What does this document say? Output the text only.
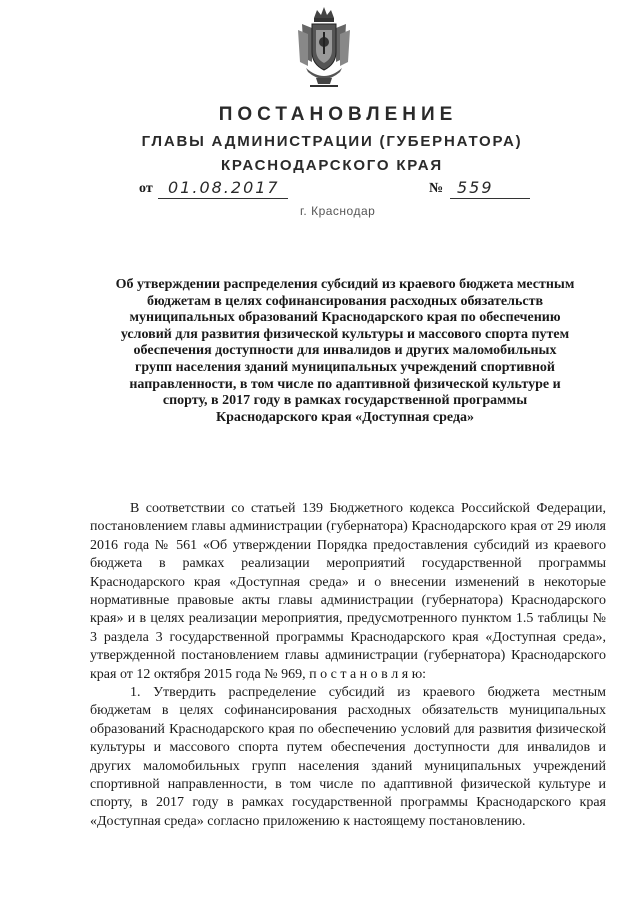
ПОСТАНОВЛЕНИЕ
ГЛАВЫ АДМИНИСТРАЦИИ (ГУБЕРНАТОРА)
КРАСНОДАРСКОГО КРАЯ
от 01.08.2017	№ 559
г. Краснодар
Об утверждении распределения субсидий из краевого бюджета местным бюджетам в целях софинансирования расходных обязательств муниципальных образований Краснодарского края по обеспечению условий для развития физической культуры и массового спорта путем обеспечения доступности для инвалидов и других маломобильных групп населения зданий муниципальных учреждений спортивной направленности, в том числе по адаптивной физической культуре и спорту, в 2017 году в рамках государственной программы Краснодарского края «Доступная среда»
В соответствии со статьей 139 Бюджетного кодекса Российской Федерации, постановлением главы администрации (губернатора) Краснодарского края от 29 июля 2016 года № 561 «Об утверждении Порядка предоставления субсидий из краевого бюджета в рамках реализации мероприятий государственной программы Краснодарского края «Доступная среда» и о внесении изменений в некоторые нормативные правовые акты главы администрации (губернатора) Краснодарского края» и в целях реализации мероприятия, предусмотренного пунктом 1.5 таблицы № 3 раздела 3 государственной программы Краснодарского края «Доступная среда», утвержденной постановлением главы администрации (губернатора) Краснодарского края от 12 октября 2015 года № 969, п о с т а н о в л я ю:
1. Утвердить распределение субсидий из краевого бюджета местным бюджетам в целях софинансирования расходных обязательств муниципальных образований Краснодарского края по обеспечению условий для развития физической культуры и массового спорта путем обеспечения доступности для инвалидов и других маломобильных групп населения зданий муниципальных учреждений спортивной направленности, в том числе по адаптивной физической культуре и спорту, в 2017 году в рамках государственной программы Краснодарского края «Доступная среда» согласно приложению к настоящему постановлению.
